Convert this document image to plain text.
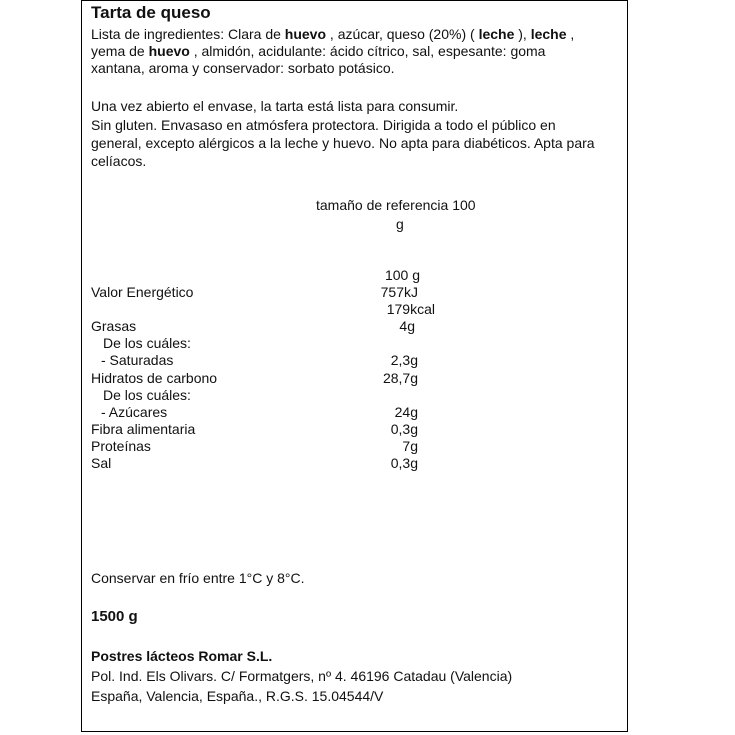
Tarta de queso
Lista de ingredientes: Clara de huevo , azúcar, queso (20%) ( leche ), leche ,
yema de huevo , almidón, acidulante: ácido cítrico, sal, espesante: goma
xantana, aroma y conservador: sorbato potásico.
Una vez abierto el envase, la tarta está lista para consumir.
Sin gluten. Envasaso en atmósfera protectora. Dirigida a todo el público en
general, excepto alérgicos a la leche y huevo. No apta para diabéticos. Apta para
celíacos.
tamaño de referencia 100
g
100 g
Valor Energético	757kJ
179kcal
Grasas	4g
De los cuáles:
- Saturadas	2,3g
Hidratos de carbono	28,7g
De los cuáles:
- Azúcares	24g
Fibra alimentaria	0,3g
Proteínas	7g
Sal	0,3g
Conservar en frío entre 1°C y 8°C.
1500 g
Postres lácteos Romar S.L.
Pol. Ind. Els Olivars. C/ Formatgers, nº 4. 46196 Catadau (Valencia)
España, Valencia, España., R.G.S. 15.04544/V
